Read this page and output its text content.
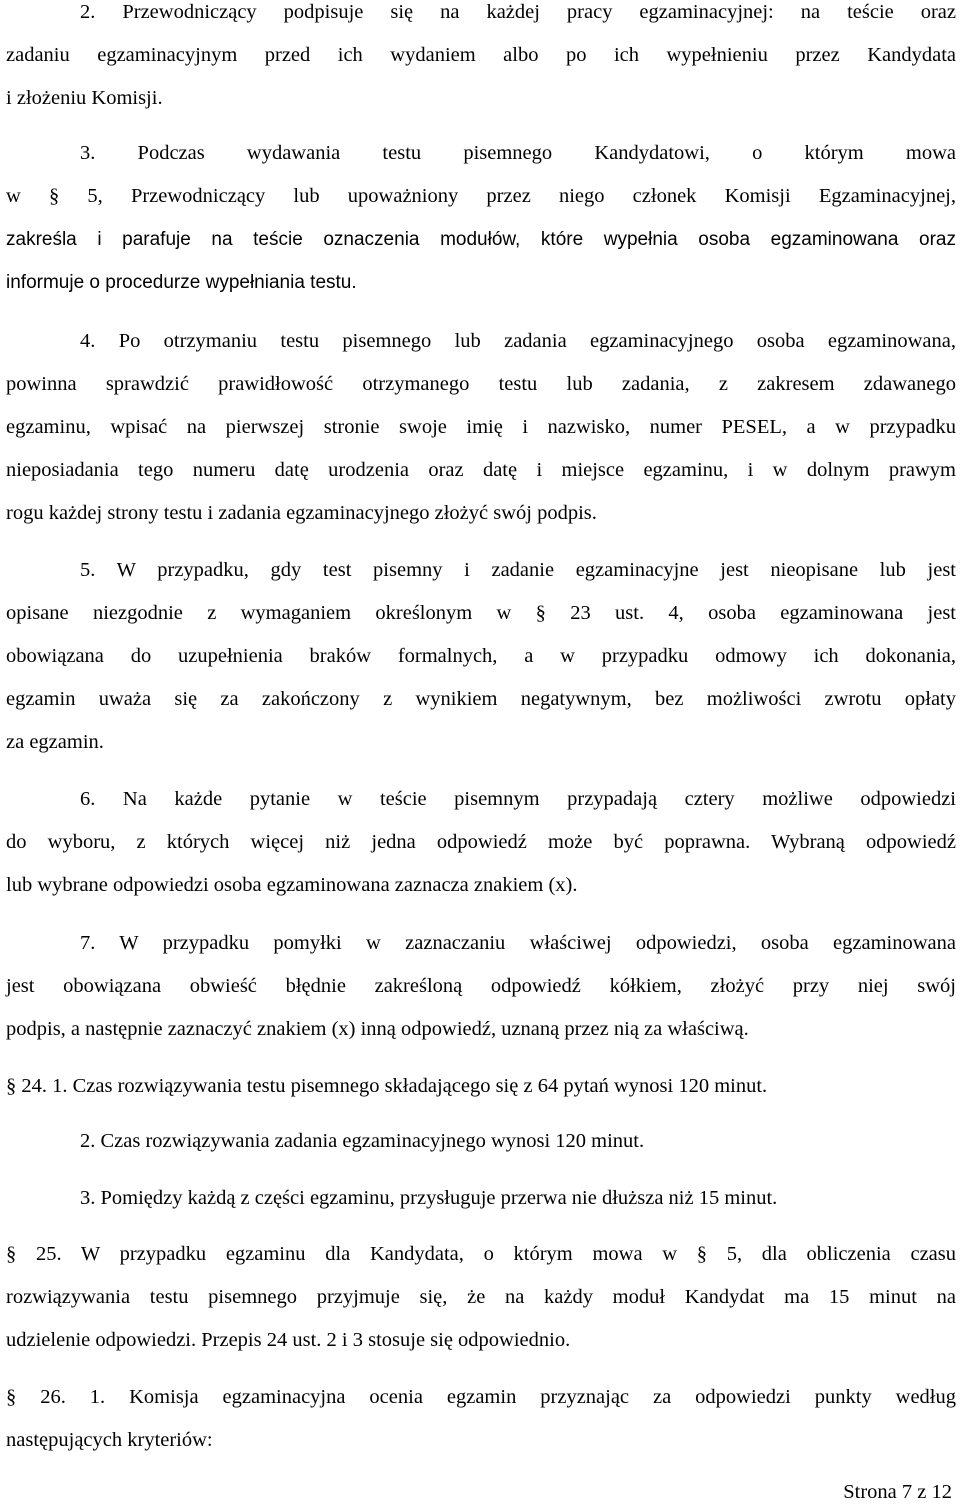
2. Przewodniczący podpisuje się na każdej pracy egzaminacyjnej: na teście oraz
zadaniu egzaminacyjnym przed ich wydaniem albo po ich wypełnieniu przez Kandydata
i złożeniu Komisji.
3. Podczas wydawania testu pisemnego Kandydatowi, o którym mowa
w § 5, Przewodniczący lub upoważniony przez niego członek Komisji Egzaminacyjnej,
zakreśla i parafuje na teście oznaczenia modułów, które wypełnia osoba egzaminowana oraz
informuje o procedurze wypełniania testu.
4. Po otrzymaniu testu pisemnego lub zadania egzaminacyjnego osoba egzaminowana,
powinna sprawdzić prawidłowość otrzymanego testu lub zadania, z zakresem zdawanego
egzaminu, wpisać na pierwszej stronie swoje imię i nazwisko, numer PESEL, a w przypadku
nieposiadania tego numeru datę urodzenia oraz datę i miejsce egzaminu, i w dolnym prawym
rogu każdej strony testu i zadania egzaminacyjnego złożyć swój podpis.
5. W przypadku, gdy test pisemny i zadanie egzaminacyjne jest nieopisane lub jest
opisane niezgodnie z wymaganiem określonym w § 23 ust. 4, osoba egzaminowana jest
obowiązana do uzupełnienia braków formalnych, a w przypadku odmowy ich dokonania,
egzamin uważa się za zakończony z wynikiem negatywnym, bez możliwości zwrotu opłaty
za egzamin.
6. Na każde pytanie w teście pisemnym przypadają cztery możliwe odpowiedzi
do wyboru, z których więcej niż jedna odpowiedź może być poprawna. Wybraną odpowiedź
lub wybrane odpowiedzi osoba egzaminowana zaznacza znakiem (x).
7. W przypadku pomyłki w zaznaczaniu właściwej odpowiedzi, osoba egzaminowana
jest obowiązana obwieść błędnie zakreśloną odpowiedź kółkiem, złożyć przy niej swój
podpis, a następnie zaznaczyć znakiem (x) inną odpowiedź, uznaną przez nią za właściwą.
§ 24. 1. Czas rozwiązywania testu pisemnego składającego się z 64 pytań wynosi 120 minut.
2. Czas rozwiązywania zadania egzaminacyjnego wynosi 120 minut.
3. Pomiędzy każdą z części egzaminu, przysługuje przerwa nie dłuższa niż 15 minut.
§ 25. W przypadku egzaminu dla Kandydata, o którym mowa w § 5, dla obliczenia czasu
rozwiązywania testu pisemnego przyjmuje się, że na każdy moduł Kandydat ma 15 minut na
udzielenie odpowiedzi. Przepis 24 ust. 2 i 3 stosuje się odpowiednio.
§ 26. 1. Komisja egzaminacyjna ocenia egzamin przyznając za odpowiedzi punkty według
następujących kryteriów:
Strona 7 z 12
